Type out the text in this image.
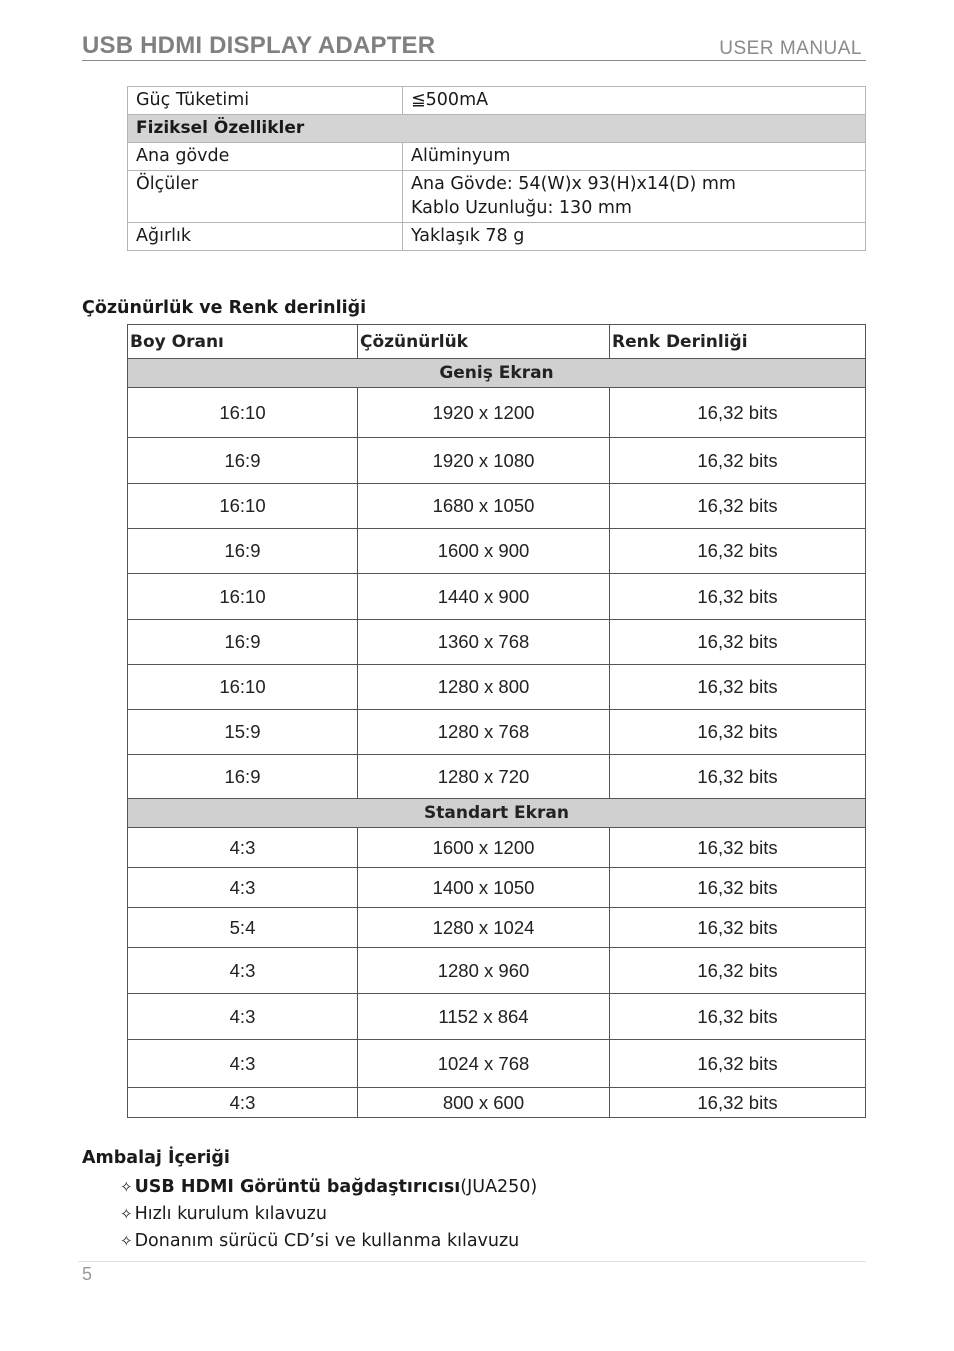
USB HDMI DISPLAY ADAPTER	USER MANUAL
Güç Tüketimi	≦500mA
Fiziksel Özellikler	
Ana gövde	Alüminyum
Ölçüler	Ana Gövde: 54(W)x 93(H)x14(D) mm
Kablo Uzunluğu: 130 mm

Ağırlık	Yaklaşık 78 g
Çözünürlük ve Renk derinliği
Boy Oranı	Çözünürlük	Renk Derinliği
Geniş Ekran		
16:10	1920 x 1200	16,32 bits
16:9	1920 x 1080	16,32 bits
16:10	1680 x 1050	16,32 bits
16:9	1600 x 900	16,32 bits
16:10	1440 x 900	16,32 bits
16:9	1360 x 768	16,32 bits
16:10	1280 x 800	16,32 bits
15:9	1280 x 768	16,32 bits
16:9	1280 x 720	16,32 bits
Standart Ekran		
4:3	1600 x 1200	16,32 bits
4:3	1400 x 1050	16,32 bits
5:4	1280 x 1024	16,32 bits
4:3	1280 x 960	16,32 bits
4:3	1152 x 864	16,32 bits
4:3	1024 x 768	16,32 bits
4:3	800 x 600	16,32 bits
Ambalaj İçeriği
✧ USB HDMI Görüntü bağdaştırıcısı(JUA250)
✧ Hızlı kurulum kılavuzu
✧ Donanım sürücü CD’si ve kullanma kılavuzu
5
